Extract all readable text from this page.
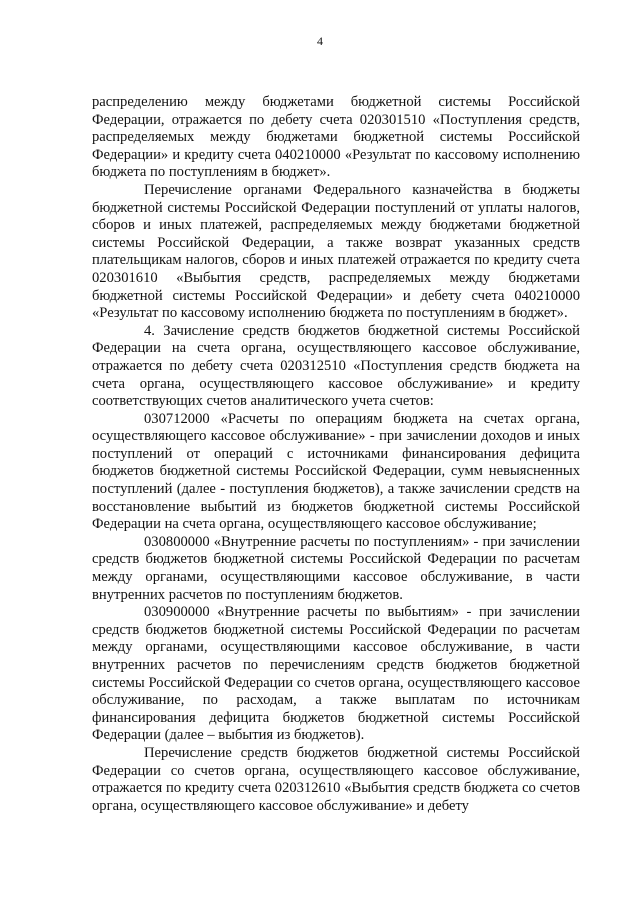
4

распределению между бюджетами бюджетной системы Российской Федерации, отражается по дебету счета 020301510 «Поступления средств, распределяемых между бюджетами бюджетной системы Российской Федерации» и кредиту счета 040210000 «Результат по кассовому исполнению бюджета по поступлениям в бюджет».

Перечисление органами Федерального казначейства в бюджеты бюджетной системы Российской Федерации поступлений от уплаты налогов, сборов и иных платежей, распределяемых между бюджетами бюджетной системы Российской Федерации, а также возврат указанных средств плательщикам налогов, сборов и иных платежей отражается по кредиту счета 020301610 «Выбытия средств, распределяемых между бюджетами бюджетной системы Российской Федерации» и дебету счета 040210000 «Результат по кассовому исполнению бюджета по поступлениям в бюджет».

4. Зачисление средств бюджетов бюджетной системы Российской Федерации на счета органа, осуществляющего кассовое обслуживание, отражается по дебету счета 020312510 «Поступления средств бюджета на счета органа, осуществляющего кассовое обслуживание» и кредиту соответствующих счетов аналитического учета счетов:

030712000 «Расчеты по операциям бюджета на счетах органа, осуществляющего кассовое обслуживание» - при зачислении доходов и иных поступлений от операций с источниками финансирования дефицита бюджетов бюджетной системы Российской Федерации, сумм невыясненных поступлений (далее - поступления бюджетов), а также зачислении средств на восстановление выбытий из бюджетов бюджетной системы Российской Федерации на счета органа, осуществляющего кассовое обслуживание;

030800000 «Внутренние расчеты по поступлениям» - при зачислении средств бюджетов бюджетной системы Российской Федерации по расчетам между органами, осуществляющими кассовое обслуживание, в части внутренних расчетов по поступлениям бюджетов.

030900000 «Внутренние расчеты по выбытиям» - при зачислении средств бюджетов бюджетной системы Российской Федерации по расчетам между органами, осуществляющими кассовое обслуживание, в части внутренних расчетов по перечислениям средств бюджетов бюджетной системы Российской Федерации со счетов органа, осуществляющего кассовое обслуживание, по расходам, а также выплатам по источникам финансирования дефицита бюджетов бюджетной системы Российской Федерации (далее – выбытия из бюджетов).

Перечисление средств бюджетов бюджетной системы Российской Федерации со счетов органа, осуществляющего кассовое обслуживание, отражается по кредиту счета 020312610 «Выбытия средств бюджета со счетов органа, осуществляющего кассовое обслуживание» и дебету
